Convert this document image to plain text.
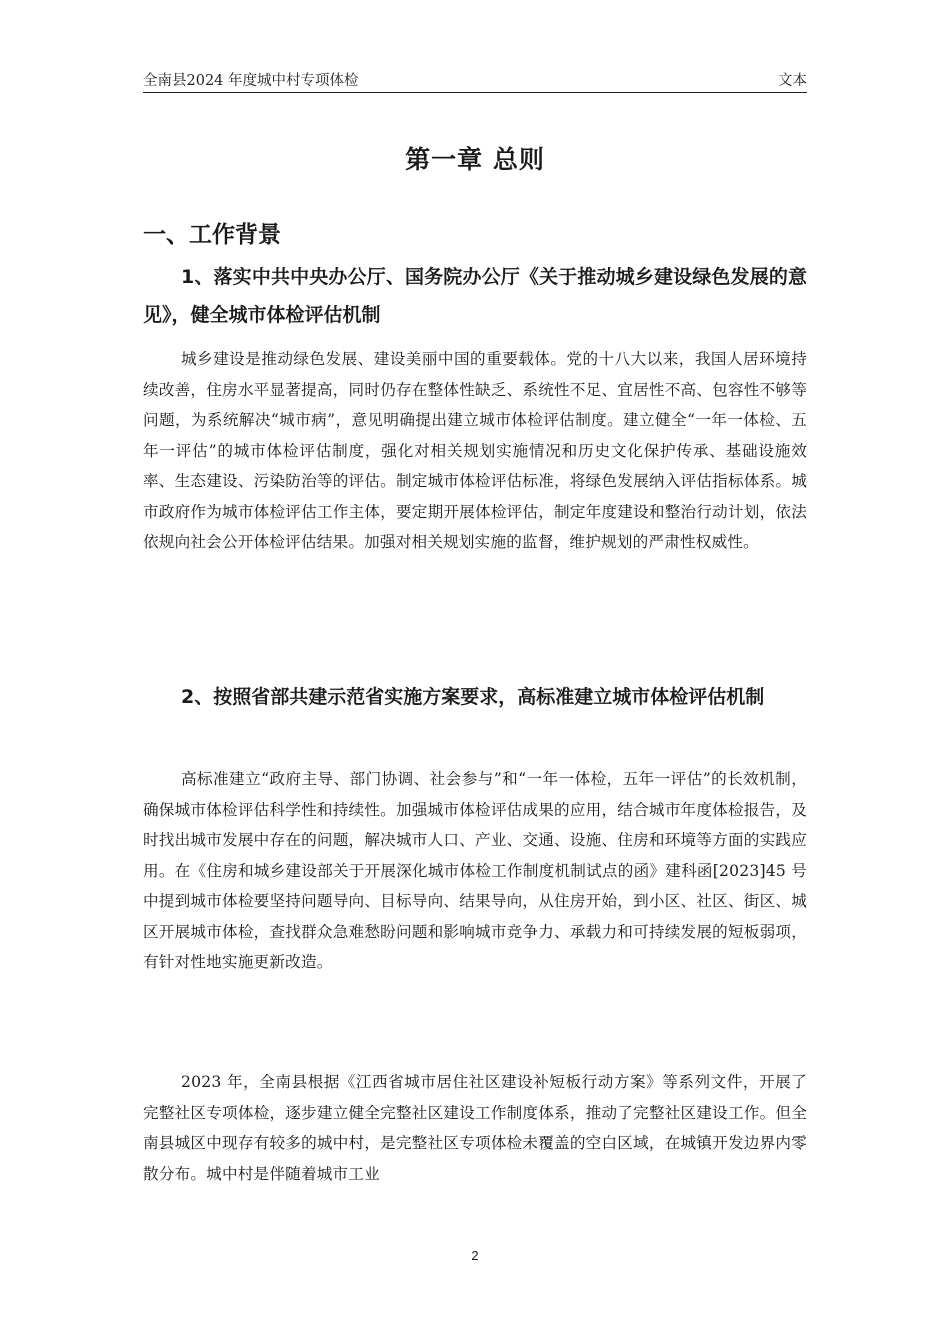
全南县2024 年度城中村专项体检	文本
第一章 总则
一、工作背景
1、落实中共中央办公厅、国务院办公厅《关于推动城乡建设绿色发展的意见》，健全城市体检评估机制

城乡建设是推动绿色发展、建设美丽中国的重要载体。党的十八大以来，我国人居环境持续改善，住房水平显著提高，同时仍存在整体性缺乏、系统性不足、宜居性不高、包容性不够等问题，为系统解决“城市病”，意见明确提出建立城市体检评估制度。建立健全“一年一体检、五年一评估”的城市体检评估制度，强化对相关规划实施情况和历史文化保护传承、基础设施效率、生态建设、污染防治等的评估。制定城市体检评估标准，将绿色发展纳入评估指标体系。城市政府作为城市体检评估工作主体，要定期开展体检评估，制定年度建设和整治行动计划，依法依规向社会公开体检评估结果。加强对相关规划实施的监督，维护规划的严肃性权威性。

2、按照省部共建示范省实施方案要求，高标准建立城市体检评估机制

高标准建立“政府主导、部门协调、社会参与”和“一年一体检，五年一评估”的长效机制，确保城市体检评估科学性和持续性。加强城市体检评估成果的应用，结合城市年度体检报告，及时找出城市发展中存在的问题，解决城市人口、产业、交通、设施、住房和环境等方面的实践应用。在《住房和城乡建设部关于开展深化城市体检工作制度机制试点的函》建科函[2023]45 号中提到城市体检要坚持问题导向、目标导向、结果导向，从住房开始，到小区、社区、街区、城区开展城市体检，查找群众急难愁盼问题和影响城市竞争力、承载力和可持续发展的短板弱项，有针对性地实施更新改造。

2023 年，全南县根据《江西省城市居住社区建设补短板行动方案》等系列文件，开展了完整社区专项体检，逐步建立健全完整社区建设工作制度体系，推动了完整社区建设工作。但全南县城区中现存有较多的城中村，是完整社区专项体检未覆盖的空白区域，在城镇开发边界内零散分布。城中村是伴随着城市工业

2
